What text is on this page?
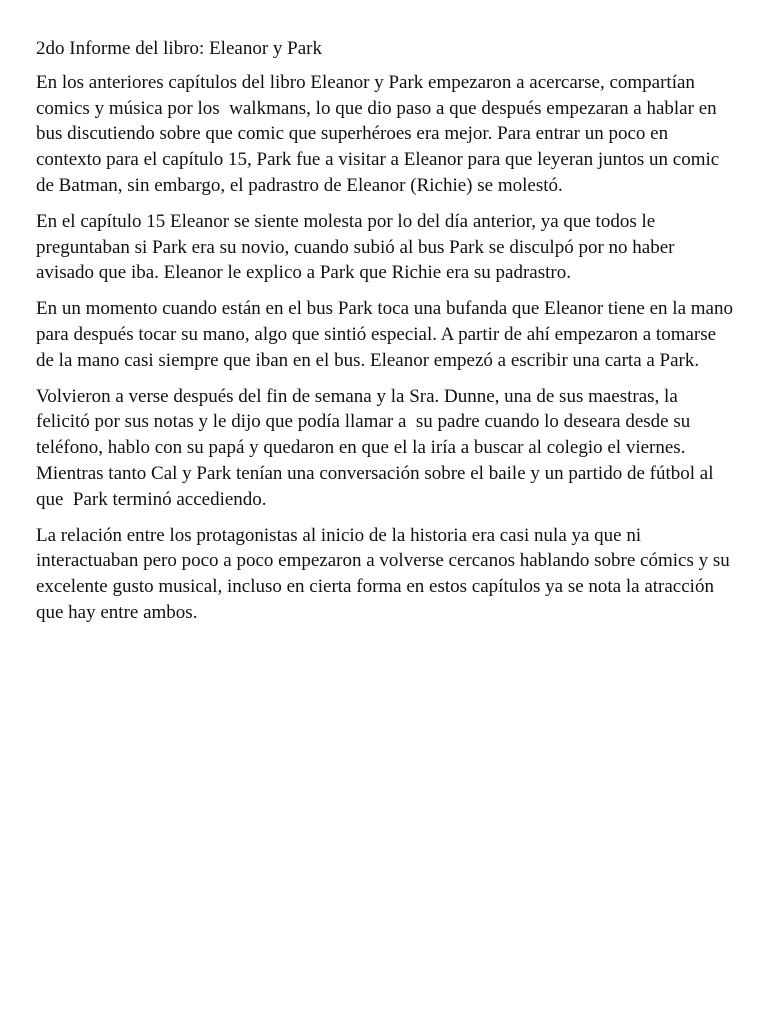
2do Informe del libro: Eleanor y Park

En los anteriores capítulos del libro Eleanor y Park empezaron a acercarse, compartían comics y música por los  walkmans, lo que dio paso a que después empezaran a hablar en bus discutiendo sobre que comic que superhéroes era mejor. Para entrar un poco en contexto para el capítulo 15, Park fue a visitar a Eleanor para que leyeran juntos un comic de Batman, sin embargo, el padrastro de Eleanor (Richie) se molestó.

En el capítulo 15 Eleanor se siente molesta por lo del día anterior, ya que todos le preguntaban si Park era su novio, cuando subió al bus Park se disculpó por no haber avisado que iba. Eleanor le explico a Park que Richie era su padrastro.

En un momento cuando están en el bus Park toca una bufanda que Eleanor tiene en la mano para después tocar su mano, algo que sintió especial. A partir de ahí empezaron a tomarse de la mano casi siempre que iban en el bus. Eleanor empezó a escribir una carta a Park.

Volvieron a verse después del fin de semana y la Sra. Dunne, una de sus maestras, la felicitó por sus notas y le dijo que podía llamar a  su padre cuando lo deseara desde su teléfono, hablo con su papá y quedaron en que el la iría a buscar al colegio el viernes. Mientras tanto Cal y Park tenían una conversación sobre el baile y un partido de fútbol al que  Park terminó accediendo.

La relación entre los protagonistas al inicio de la historia era casi nula ya que ni interactuaban pero poco a poco empezaron a volverse cercanos hablando sobre cómics y su excelente gusto musical, incluso en cierta forma en estos capítulos ya se nota la atracción que hay entre ambos.
